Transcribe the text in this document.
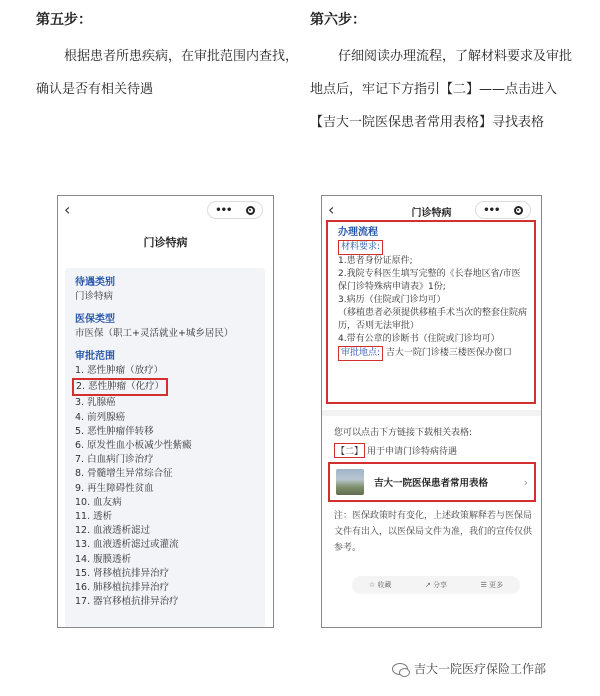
第五步：
根据患者所患疾病，在审批范围内查找，确认是否有相关待遇
第六步：
仔细阅读办理流程，了解材料要求及审批地点后，牢记下方指引【二】——点击进入【吉大一院医保患者常用表格】寻找表格
‹	•••
门诊特病
待遇类别
门诊特病
医保类型
市医保（职工+灵活就业+城乡居民）
审批范围
1. 恶性肿瘤（放疗）
2. 恶性肿瘤（化疗）
3. 乳腺癌
4. 前列腺癌
5. 恶性肿瘤伴转移
6. 原发性血小板减少性紫癜
7. 白血病门诊治疗
8. 骨髓增生异常综合征
9. 再生障碍性贫血
10. 血友病
11. 透析
12. 血液透析滤过
13. 血液透析滤过或灌流
14. 腹膜透析
15. 肾移植抗排异治疗
16. 肺移植抗排异治疗
17. 器官移植抗排异治疗
‹	门诊特病	•••
办理流程
材料要求:
1.患者身份证原件;
2.我院专科医生填写完整的《长春地区省/市医保门诊特殊病申请表》1份;
3.病历（住院或门诊均可）
（移植患者必须提供移植手术当次的整套住院病历，否则无法审批）
4.带有公章的诊断书（住院或门诊均可）
审批地点: 吉大一院门诊楼三楼医保办窗口
您可以点击下方链接下载相关表格:
【二】 用于申请门诊特病待遇
吉大一院医保患者常用表格	›
注：医保政策时有变化，上述政策解释若与医保局文件有出入，以医保局文件为准，我们的宣传仅供参考。
☆ 收藏	↗ 分享	☰ 更多
吉大一院医疗保险工作部
